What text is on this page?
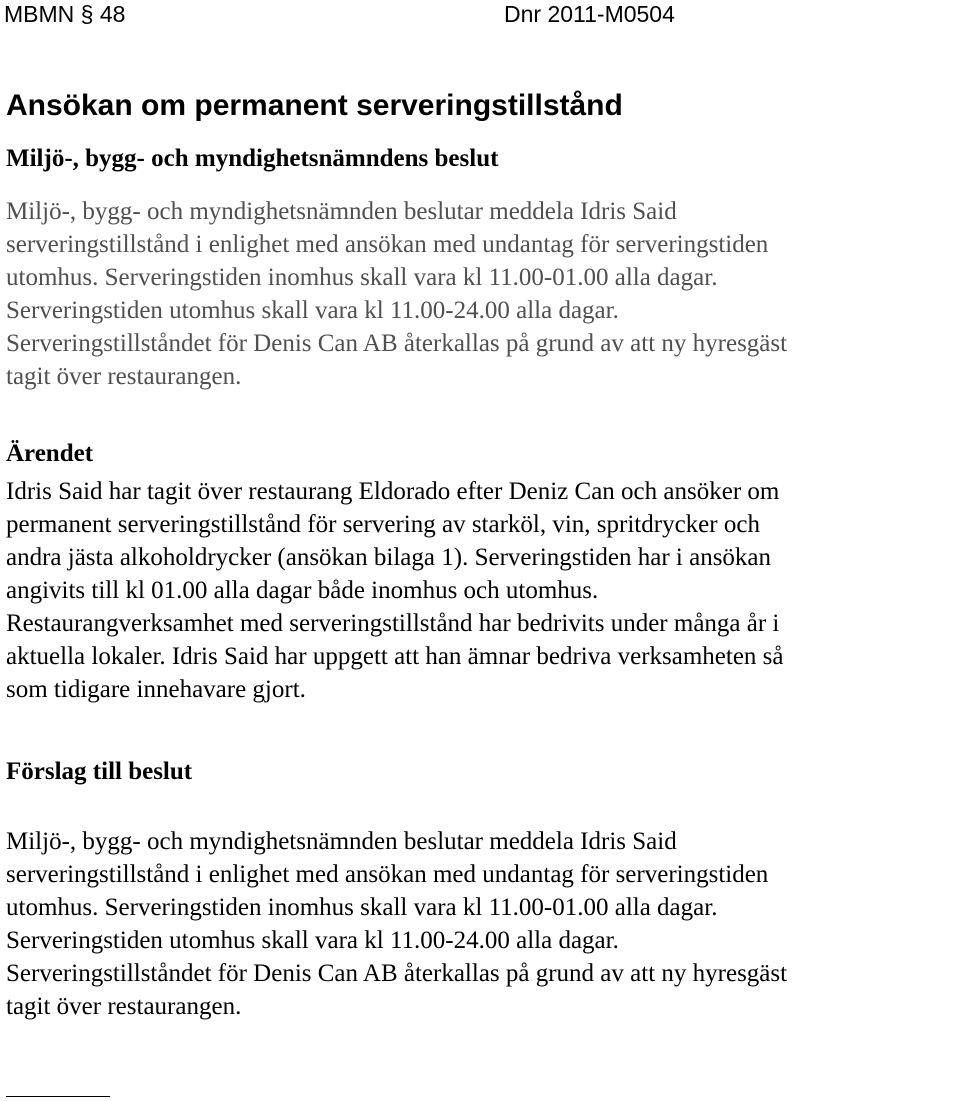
MBMN § 48	Dnr 2011-M0504
Ansökan om permanent serveringstillstånd
Miljö-, bygg- och myndighetsnämndens beslut
Miljö-, bygg- och myndighetsnämnden beslutar meddela Idris Said
serveringstillstånd i enlighet med ansökan med undantag för serveringstiden
utomhus. Serveringstiden inomhus skall vara kl 11.00-01.00 alla dagar.
Serveringstiden utomhus skall vara kl 11.00-24.00 alla dagar.
Serveringstillståndet för Denis Can AB återkallas på grund av att ny hyresgäst
tagit över restaurangen.
Ärendet
Idris Said har tagit över restaurang Eldorado efter Deniz Can och ansöker om
permanent serveringstillstånd för servering av starköl, vin, spritdrycker och
andra jästa alkoholdrycker (ansökan bilaga 1). Serveringstiden har i ansökan
angivits till kl 01.00 alla dagar både inomhus och utomhus.
Restaurangverksamhet med serveringstillstånd har bedrivits under många år i
aktuella lokaler. Idris Said har uppgett att han ämnar bedriva verksamheten så
som tidigare innehavare gjort.
Förslag till beslut
Miljö-, bygg- och myndighetsnämnden beslutar meddela Idris Said
serveringstillstånd i enlighet med ansökan med undantag för serveringstiden
utomhus. Serveringstiden inomhus skall vara kl 11.00-01.00 alla dagar.
Serveringstiden utomhus skall vara kl 11.00-24.00 alla dagar.
Serveringstillståndet för Denis Can AB återkallas på grund av att ny hyresgäst
tagit över restaurangen.
